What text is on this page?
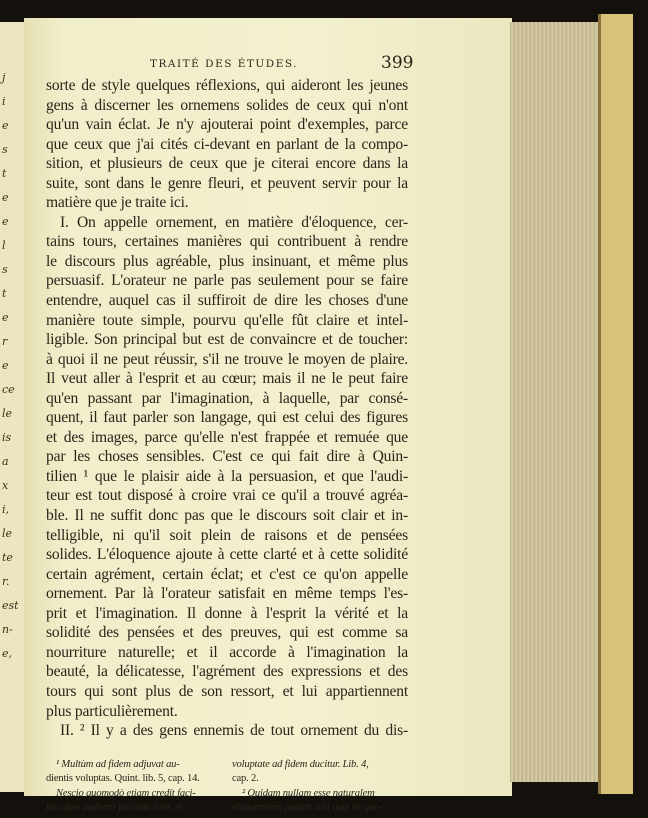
j
i
e
s
t
e
e
l
s
t
e
r
e
ce
le
is
a
x
i,
le
te
r.
est
n-
e,
TRAITÉ DES ÉTUDES.	399
sorte de style quelques réflexions, qui aideront les jeunes
gens à discerner les ornemens solides de ceux qui n'ont
qu'un vain éclat. Je n'y ajouterai point d'exemples, parce
que ceux que j'ai cités ci-devant en parlant de la compo-
sition, et plusieurs de ceux que je citerai encore dans la
suite, sont dans le genre fleuri, et peuvent servir pour la
matière que je traite ici.
I. On appelle ornement, en matière d'éloquence, cer-
tains tours, certaines manières qui contribuent à rendre
le discours plus agréable, plus insinuant, et même plus
persuasif. L'orateur ne parle pas seulement pour se faire
entendre, auquel cas il suffiroit de dire les choses d'une
manière toute simple, pourvu qu'elle fût claire et intel-
ligible. Son principal but est de convaincre et de toucher:
à quoi il ne peut réussir, s'il ne trouve le moyen de plaire.
Il veut aller à l'esprit et au cœur; mais il ne le peut faire
qu'en passant par l'imagination, à laquelle, par consé-
quent, il faut parler son langage, qui est celui des figures
et des images, parce qu'elle n'est frappée et remuée que
par les choses sensibles. C'est ce qui fait dire à Quin-
tilien ¹ que le plaisir aide à la persuasion, et que l'audi-
teur est tout disposé à croire vrai ce qu'il a trouvé agréa-
ble. Il ne suffit donc pas que le discours soit clair et in-
telligible, ni qu'il soit plein de raisons et de pensées
solides. L'éloquence ajoute à cette clarté et à cette solidité
certain agrément, certain éclat; et c'est ce qu'on appelle
ornement. Par là l'orateur satisfait en même temps l'es-
prit et l'imagination. Il donne à l'esprit la vérité et la
solidité des pensées et des preuves, qui est comme sa
nourriture naturelle; et il accorde à l'imagination la
beauté, la délicatesse, l'agrément des expressions et des
tours qui sont plus de son ressort, et lui appartiennent
plus particulièrement.
II. ² Il y a des gens ennemis de tout ornement du dis-
¹ Multùm ad fidem adjuvat au-
dientis voluptas. Quint. lib. 5, cap. 14.
Nescio quomodò etiam credit faci-
liùs quæ audienti jucunda sunt, et
voluptate ad fidem ducitur. Lib. 4,
cap. 2.
² Quidam nullam esse naturalem
eloquentiam putant, nisi quæ sit quo-
